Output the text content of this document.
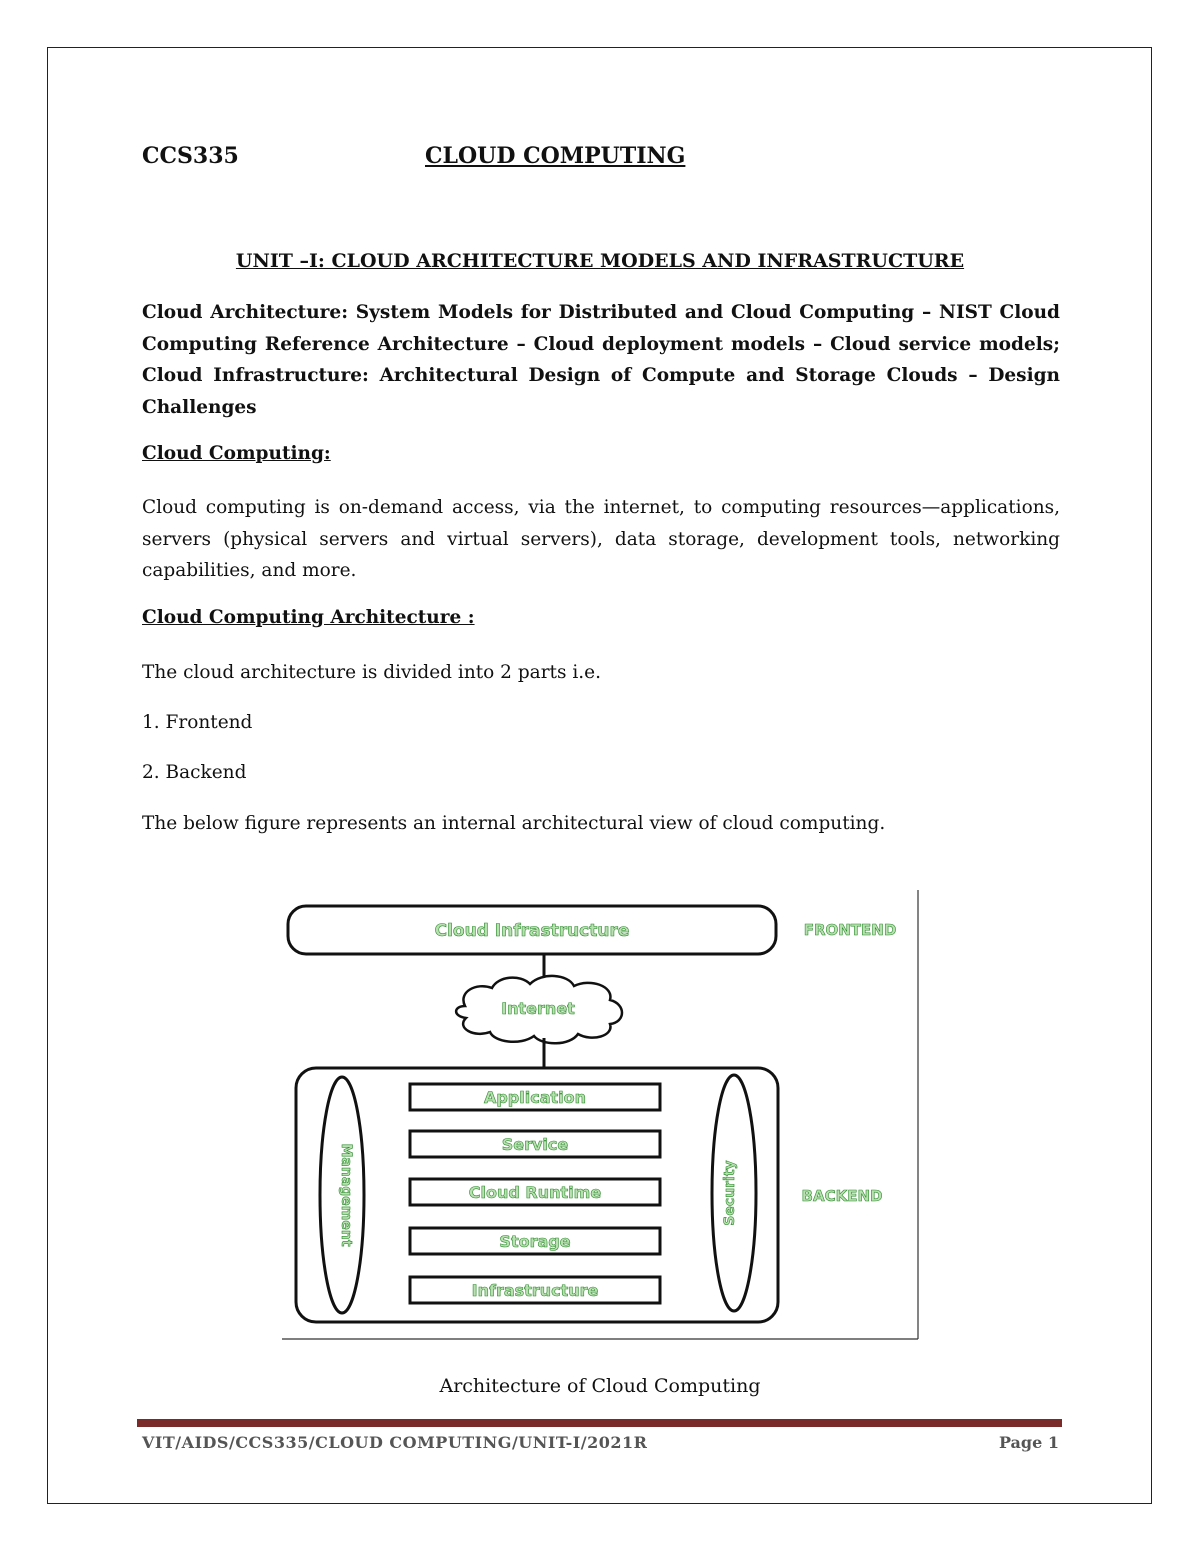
CCS335	CLOUD COMPUTING
UNIT –I: CLOUD ARCHITECTURE MODELS AND INFRASTRUCTURE
Cloud Architecture: System Models for Distributed and Cloud Computing – NIST Cloud Computing Reference Architecture – Cloud deployment models – Cloud service models; Cloud Infrastructure: Architectural Design of Compute and Storage Clouds – Design Challenges
Cloud Computing:
Cloud computing is on-demand access, via the internet, to computing resources—applications, servers (physical servers and virtual servers), data storage, development tools, networking capabilities, and more.
Cloud Computing Architecture :
The cloud architecture is divided into 2 parts i.e.
1. Frontend
2. Backend
The below figure represents an internal architectural view of cloud computing.
Cloud Infrastructure	FRONTEND
Internet
Management	Security
Application
Service
Cloud Runtime
Storage
Infrastructure
BACKEND
Architecture of Cloud Computing
VIT/AIDS/CCS335/CLOUD COMPUTING/UNIT-I/2021R	Page 1
